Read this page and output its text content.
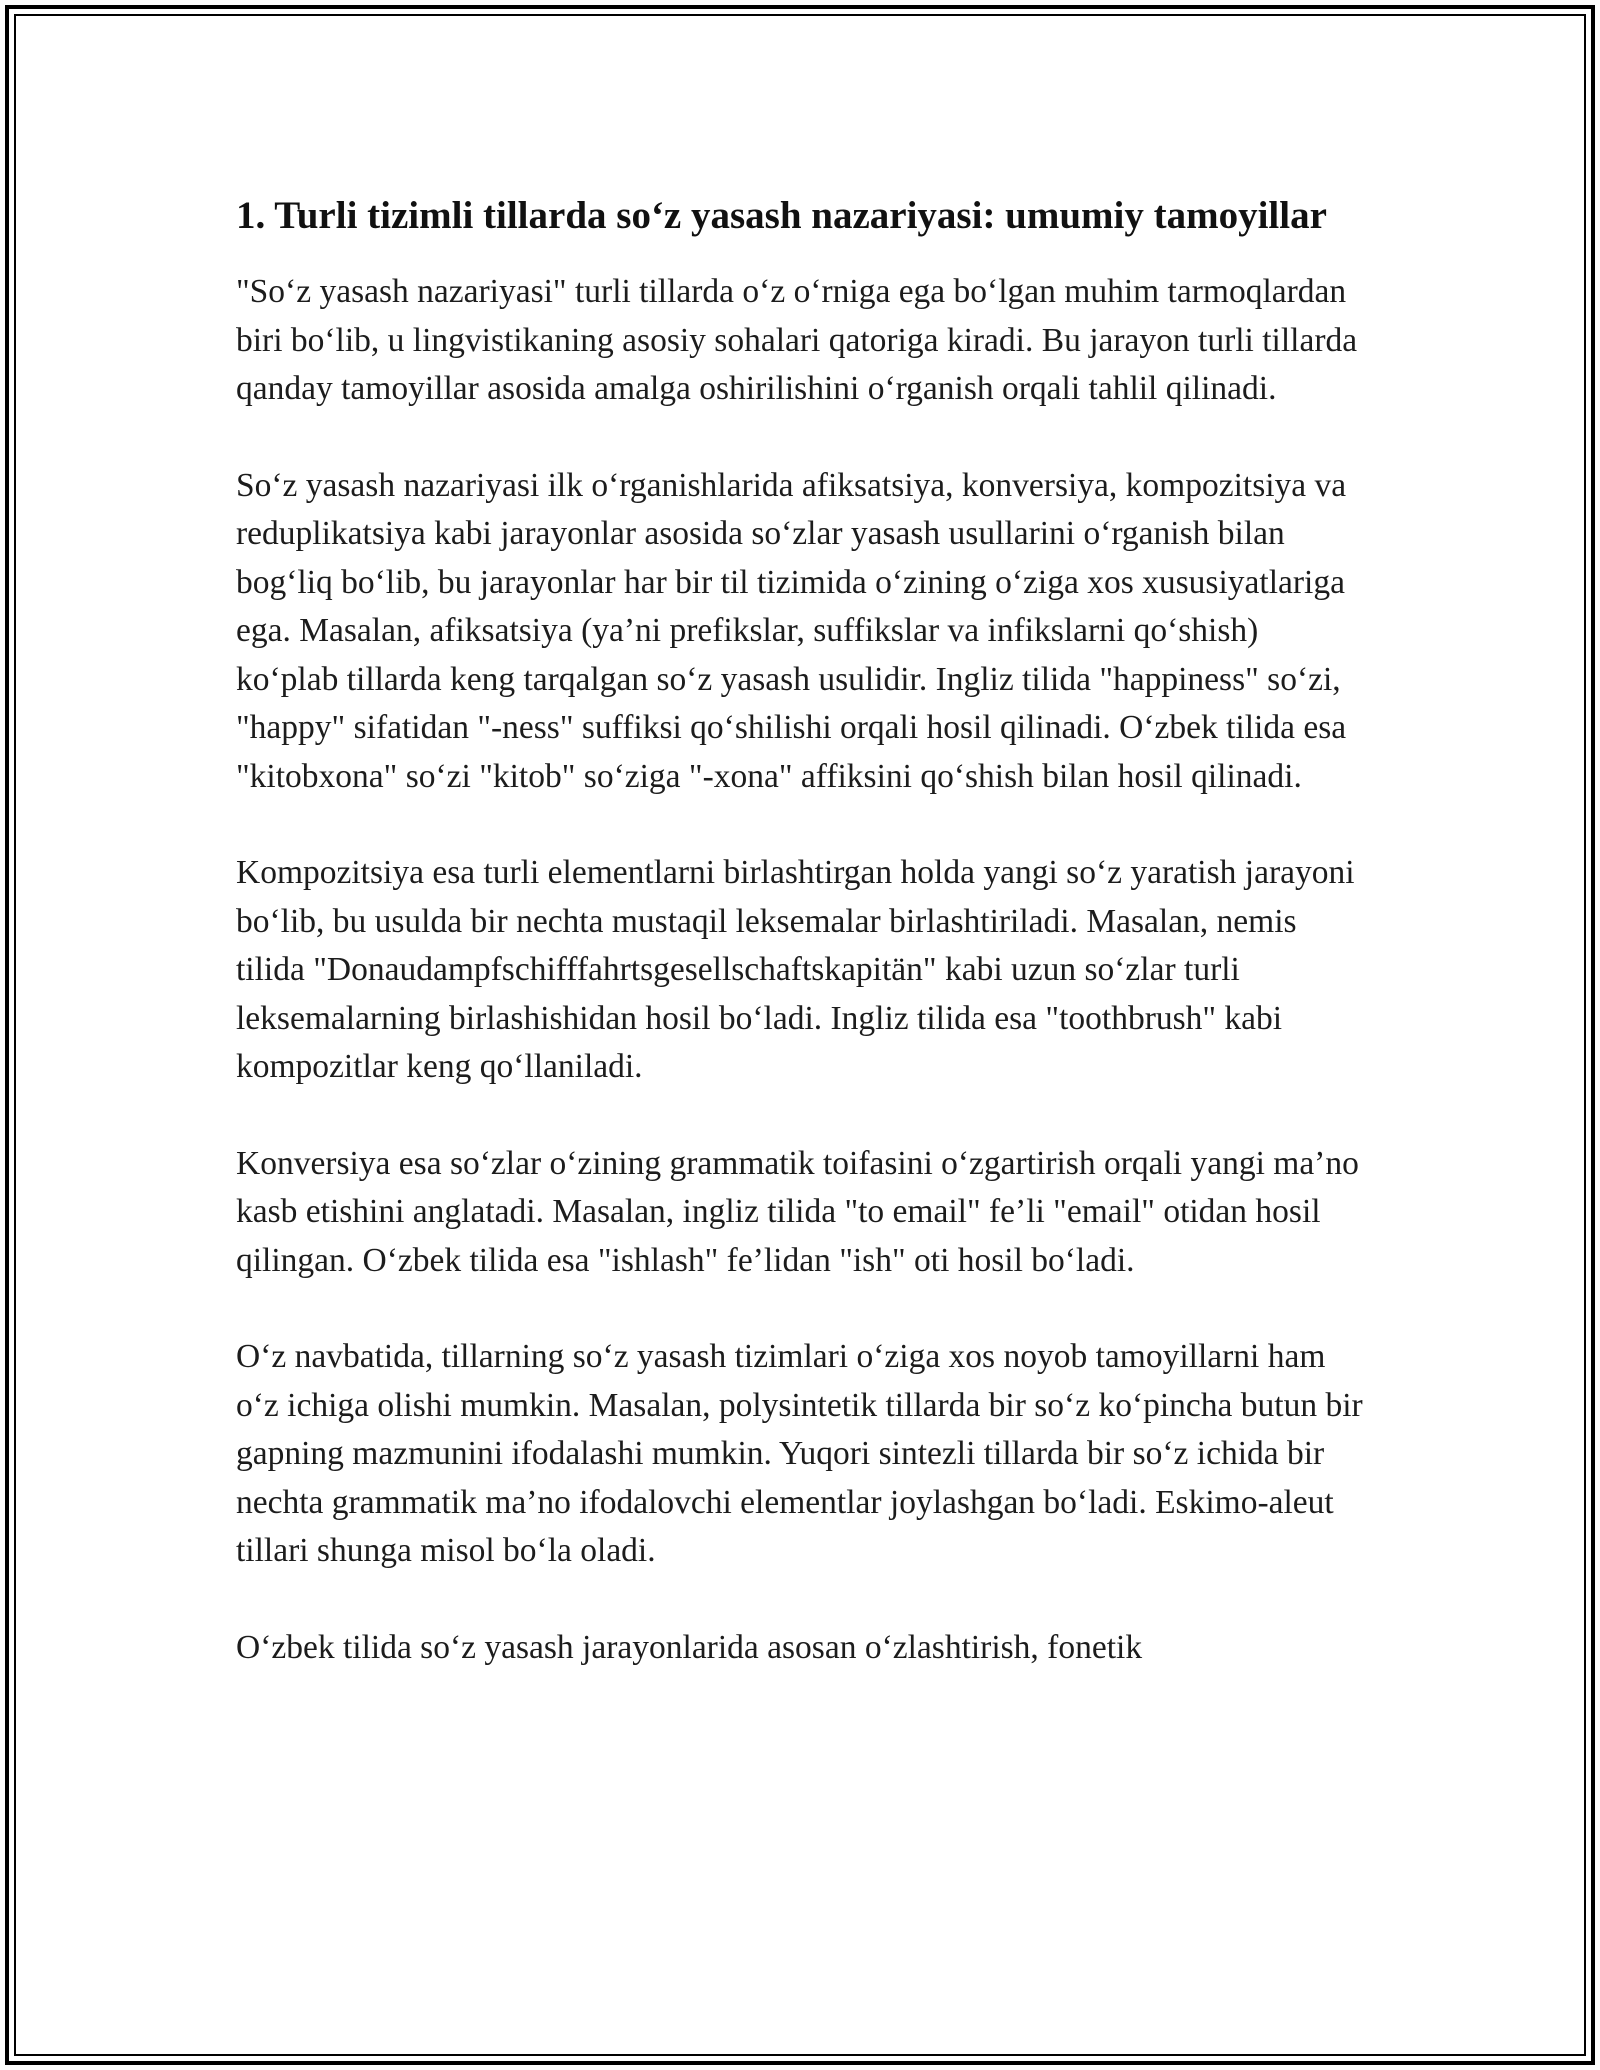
1. Turli tizimli tillarda so‘z yasash nazariyasi: umumiy tamoyillar

"So‘z yasash nazariyasi" turli tillarda o‘z o‘rniga ega bo‘lgan muhim tarmoqlardan biri bo‘lib, u lingvistikaning asosiy sohalari qatoriga kiradi. Bu jarayon turli tillarda qanday tamoyillar asosida amalga oshirilishini o‘rganish orqali tahlil qilinadi.

So‘z yasash nazariyasi ilk o‘rganishlarida afiksatsiya, konversiya, kompozitsiya va reduplikatsiya kabi jarayonlar asosida so‘zlar yasash usullarini o‘rganish bilan bog‘liq bo‘lib, bu jarayonlar har bir til tizimida o‘zining o‘ziga xos xususiyatlariga ega. Masalan, afiksatsiya (ya’ni prefikslar, suffikslar va infikslarni qo‘shish) ko‘plab tillarda keng tarqalgan so‘z yasash usulidir. Ingliz tilida "happiness" so‘zi, "happy" sifatidan "-ness" suffiksi qo‘shilishi orqali hosil qilinadi. O‘zbek tilida esa "kitobxona" so‘zi "kitob" so‘ziga "-xona" affiksini qo‘shish bilan hosil qilinadi.

Kompozitsiya esa turli elementlarni birlashtirgan holda yangi so‘z yaratish jarayoni bo‘lib, bu usulda bir nechta mustaqil leksemalar birlashtiriladi. Masalan, nemis tilida "Donaudampfschifffahrtsgesellschaftskapitän" kabi uzun so‘zlar turli leksemalarning birlashishidan hosil bo‘ladi. Ingliz tilida esa "toothbrush" kabi kompozitlar keng qo‘llaniladi.

Konversiya esa so‘zlar o‘zining grammatik toifasini o‘zgartirish orqali yangi ma’no kasb etishini anglatadi. Masalan, ingliz tilida "to email" fe’li "email" otidan hosil qilingan. O‘zbek tilida esa "ishlash" fe’lidan "ish" oti hosil bo‘ladi.

O‘z navbatida, tillarning so‘z yasash tizimlari o‘ziga xos noyob tamoyillarni ham o‘z ichiga olishi mumkin. Masalan, polysintetik tillarda bir so‘z ko‘pincha butun bir gapning mazmunini ifodalashi mumkin. Yuqori sintezli tillarda bir so‘z ichida bir nechta grammatik ma’no ifodalovchi elementlar joylashgan bo‘ladi. Eskimo-aleut tillari shunga misol bo‘la oladi.

O‘zbek tilida so‘z yasash jarayonlarida asosan o‘zlashtirish, fonetik
